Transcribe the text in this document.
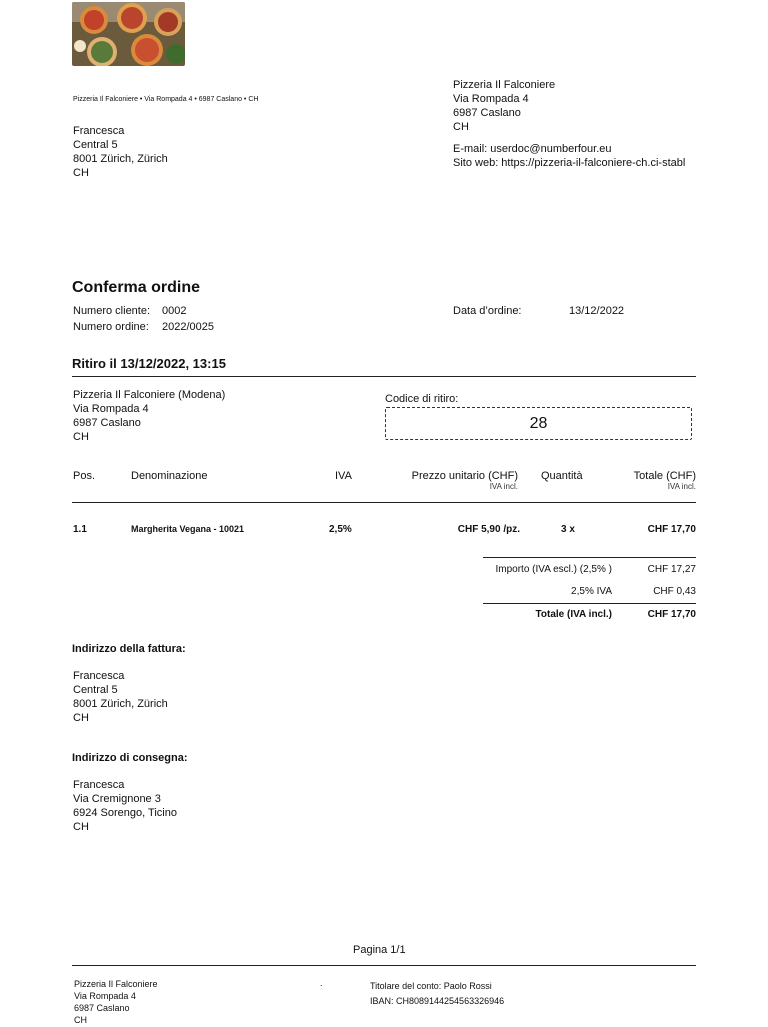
Pizzeria Il Falconiere • Via Rompada 4 • 6987 Caslano • CH
Francesca
Central 5
8001 Zürich, Zürich
CH
Pizzeria Il Falconiere
Via Rompada 4
6987 Caslano
CH
E-mail: userdoc@numberfour.eu
Sito web: https://pizzeria-il-falconiere-ch.ci-stabl
Conferma ordine
Numero cliente: 0002
Numero ordine: 2022/0025
Data d’ordine:	13/12/2022
Ritiro il 13/12/2022, 13:15
Pizzeria Il Falconiere (Modena)
Via Rompada 4
6987 Caslano
CH
Codice di ritiro:
28
Pos.	Denominazione	IVA	Prezzo unitario (CHF)
IVA incl.
Quantità	Totale (CHF)
IVA incl.
1.1	Margherita Vegana - 10021	2,5%	CHF 5,90 /pz.	3 x	CHF 17,70
Importo (IVA escl.) (2,5% )	CHF 17,27
2,5% IVA	CHF 0,43
Totale (IVA incl.)	CHF 17,70
Indirizzo della fattura:
Francesca
Central 5
8001 Zürich, Zürich
CH
Indirizzo di consegna:
Francesca
Via Cremignone 3
6924 Sorengo, Ticino
CH
Pagina 1/1
Pizzeria Il Falconiere
Via Rompada 4
6987 Caslano
CH
.	Titolare del conto: Paolo Rossi
IBAN: CH8089144254563326946
